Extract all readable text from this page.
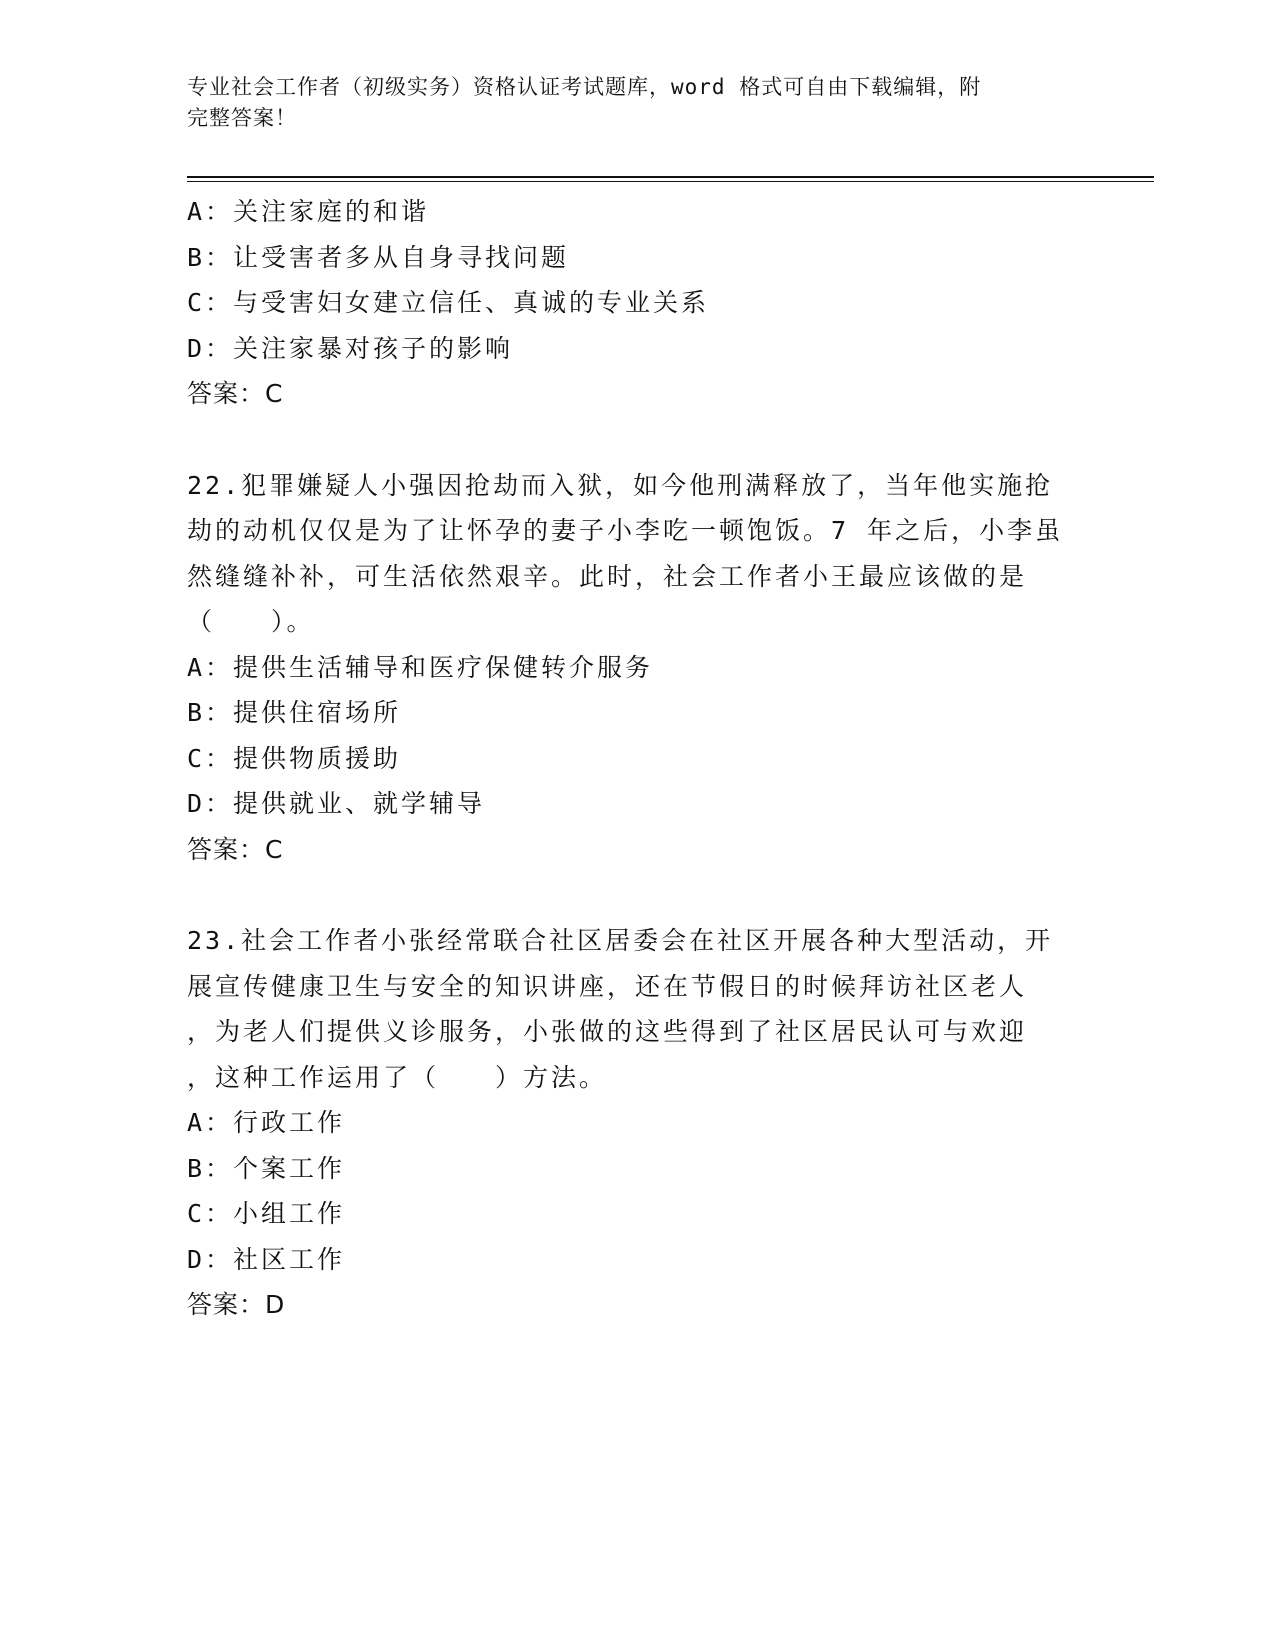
专业社会工作者（初级实务）资格认证考试题库，word 格式可自由下载编辑，附
完整答案！
A：关注家庭的和谐
B：让受害者多从自身寻找问题
C：与受害妇女建立信任、真诚的专业关系
D：关注家暴对孩子的影响
答案：C
22.犯罪嫌疑人小强因抢劫而入狱，如今他刑满释放了，当年他实施抢
劫的动机仅仅是为了让怀孕的妻子小李吃一顿饱饭。7 年之后，小李虽
然缝缝补补，可生活依然艰辛。此时，社会工作者小王最应该做的是
（　　）。
A：提供生活辅导和医疗保健转介服务
B：提供住宿场所
C：提供物质援助
D：提供就业、就学辅导
答案：C
23.社会工作者小张经常联合社区居委会在社区开展各种大型活动，开
展宣传健康卫生与安全的知识讲座，还在节假日的时候拜访社区老人
，为老人们提供义诊服务，小张做的这些得到了社区居民认可与欢迎
，这种工作运用了（　　）方法。
A：行政工作
B：个案工作
C：小组工作
D：社区工作
答案：D
